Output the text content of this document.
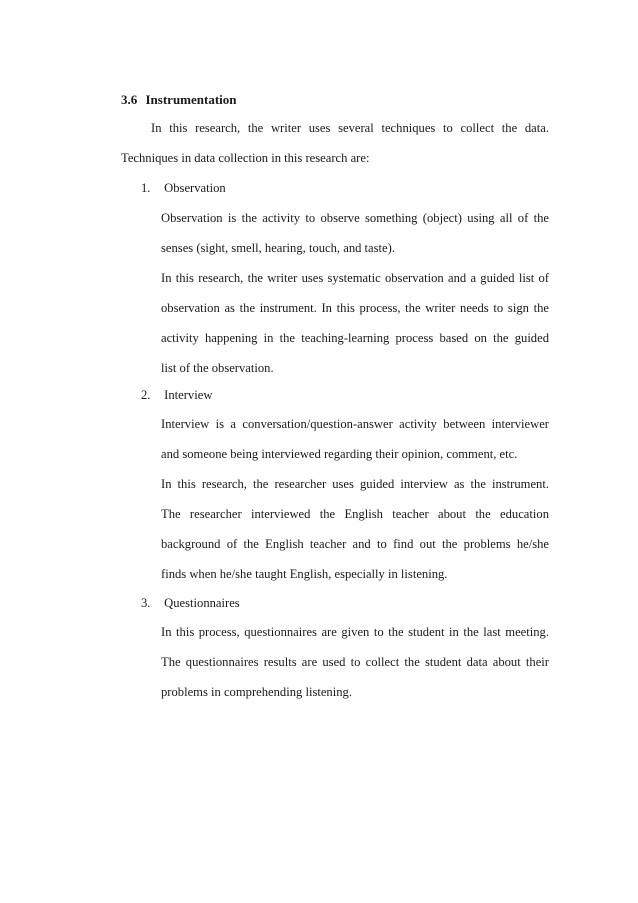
3.6 Instrumentation
In this research, the writer uses several techniques to collect the data.
Techniques in data collection in this research are:
1. Observation
Observation is the activity to observe something (object) using all of the
senses (sight, smell, hearing, touch, and taste).
In this research, the writer uses systematic observation and a guided list of
observation as the instrument. In this process, the writer needs to sign the
activity happening in the teaching-learning process based on the guided
list of the observation.
2. Interview
Interview is a conversation/question-answer activity between interviewer
and someone being interviewed regarding their opinion, comment, etc.
In this research, the researcher uses guided interview as the instrument.
The researcher interviewed the English teacher about the education
background of the English teacher and to find out the problems he/she
finds when he/she taught English, especially in listening.
3. Questionnaires
In this process, questionnaires are given to the student in the last meeting.
The questionnaires results are used to collect the student data about their
problems in comprehending listening.
